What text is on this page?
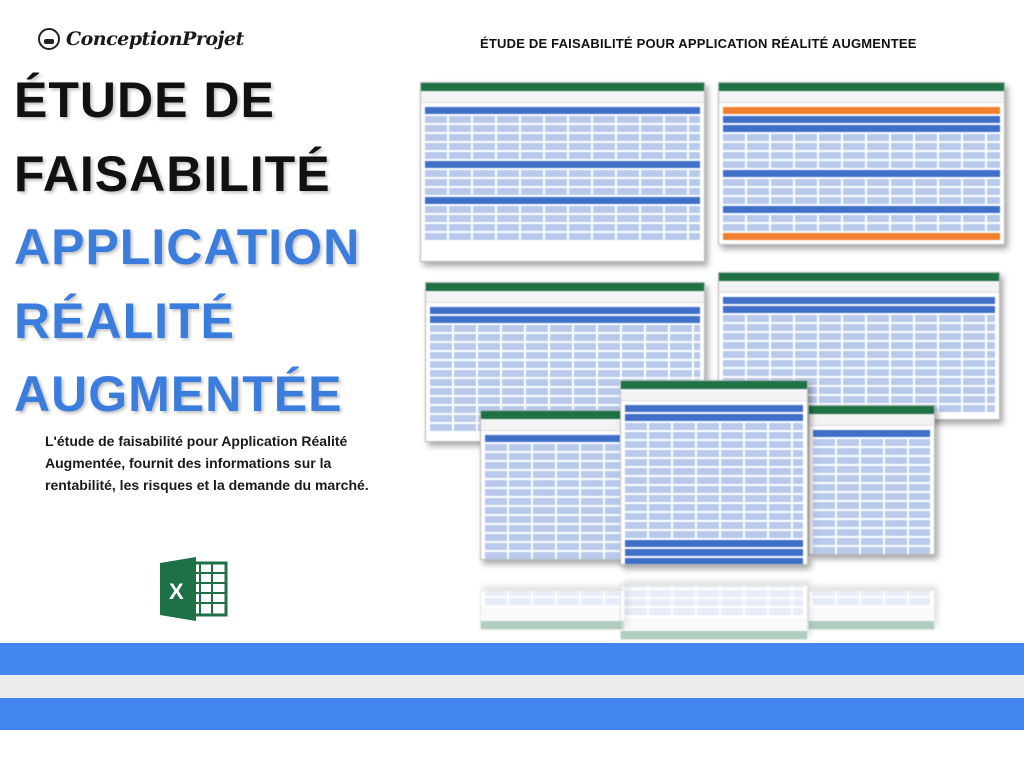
ConceptionProjet	ÉTUDE DE FAISABILITÉ POUR APPLICATION RÉALITÉ AUGMENTEE
ÉTUDE DE
FAISABILITÉ
APPLICATION
RÉALITÉ
AUGMENTÉE

L'étude de faisabilité pour Application Réalité Augmentée, fournit des informations sur la rentabilité, les risques et la demande du marché.

X
